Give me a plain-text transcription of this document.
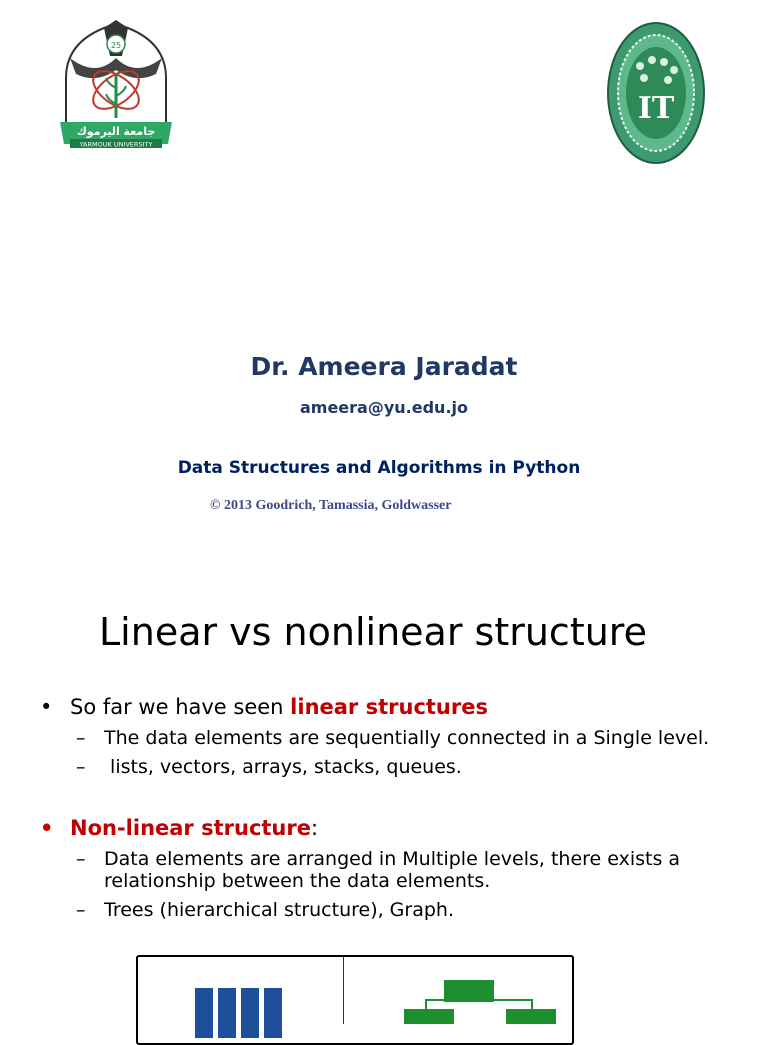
25
جامعة اليرموك
YARMOUK UNIVERSITY
IT
Dr. Ameera Jaradat
ameera@yu.edu.jo
Data Structures and Algorithms in Python
© 2013 Goodrich, Tamassia, Goldwasser
Linear vs nonlinear structure
• So far we have seen linear structures
– The data elements are sequentially connected in a Single level.
– lists, vectors, arrays, stacks, queues.
• Non-linear structure:
– Data elements are arranged in Multiple levels, there exists a relationship between the data elements.
– Trees (hierarchical structure), Graph.
